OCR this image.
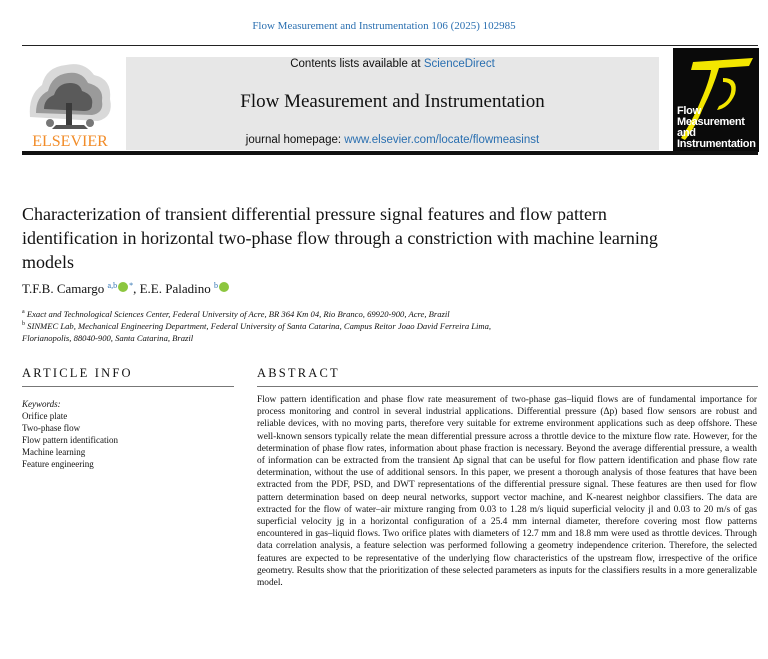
Flow Measurement and Instrumentation 106 (2025) 102985
ELSEVIER
Contents lists available at ScienceDirect
Flow Measurement and Instrumentation
journal homepage: www.elsevier.com/locate/flowmeasinst
Flow Measurement
and Instrumentation
Characterization of transient differential pressure signal features and flow pattern identification in horizontal two-phase flow through a constriction with machine learning models
T.F.B. Camargo $^{a,b}$ *, E.E. Paladino $^b$
$^a$ Exact and Technological Sciences Center, Federal University of Acre, BR 364 Km 04, Rio Branco, 69920-900, Acre, Brazil
$^b$ SINMEC Lab, Mechanical Engineering Department, Federal University of Santa Catarina, Campus Reitor Joao David Ferreira Lima, Florianopolis, 88040-900, Santa Catarina, Brazil
ARTICLE INFO
Keywords:
Orifice plate
Two-phase flow
Flow pattern identification
Machine learning
Feature engineering
ABSTRACT
Flow pattern identification and phase flow rate measurement of two-phase gas–liquid flows are of fundamental importance for process monitoring and control in several industrial applications. Differential pressure (Δp) based flow sensors are robust and reliable devices, with no moving parts, therefore very suitable for extreme environment applications such as deep offshore. These well-known sensors typically relate the mean differential pressure across a throttle device to the mixture flow rate. However, for the determination of phase flow rates, information about phase fraction is necessary. Beyond the average differential pressure, a wealth of information can be extracted from the transient Δp signal that can be useful for flow pattern identification and phase flow rate determination, without the use of additional sensors. In this paper, we present a thorough analysis of those features that have been extracted from the PDF, PSD, and DWT representations of the differential pressure signal. These features are then used for flow pattern determination based on deep neural networks, support vector machine, and K-nearest neighbor classifiers. The data are extracted for the flow of water–air mixture ranging from 0.03 to 1.28 m/s liquid superficial velocity jl and 0.03 to 20 m/s of gas superficial velocity jg in a horizontal configuration of a 25.4 mm internal diameter, therefore covering most flow patterns encountered in gas–liquid flows. Two orifice plates with diameters of 12.7 mm and 18.8 mm were used as throttle devices. Through data correlation analysis, a feature selection was performed following a geometry independence criterion. Therefore, the selected features are expected to be representative of the underlying flow characteristics of the upstream flow, irrespective of the orifice geometry. Results show that the prioritization of these selected parameters as inputs for the classifiers results in a more generalizable model.
